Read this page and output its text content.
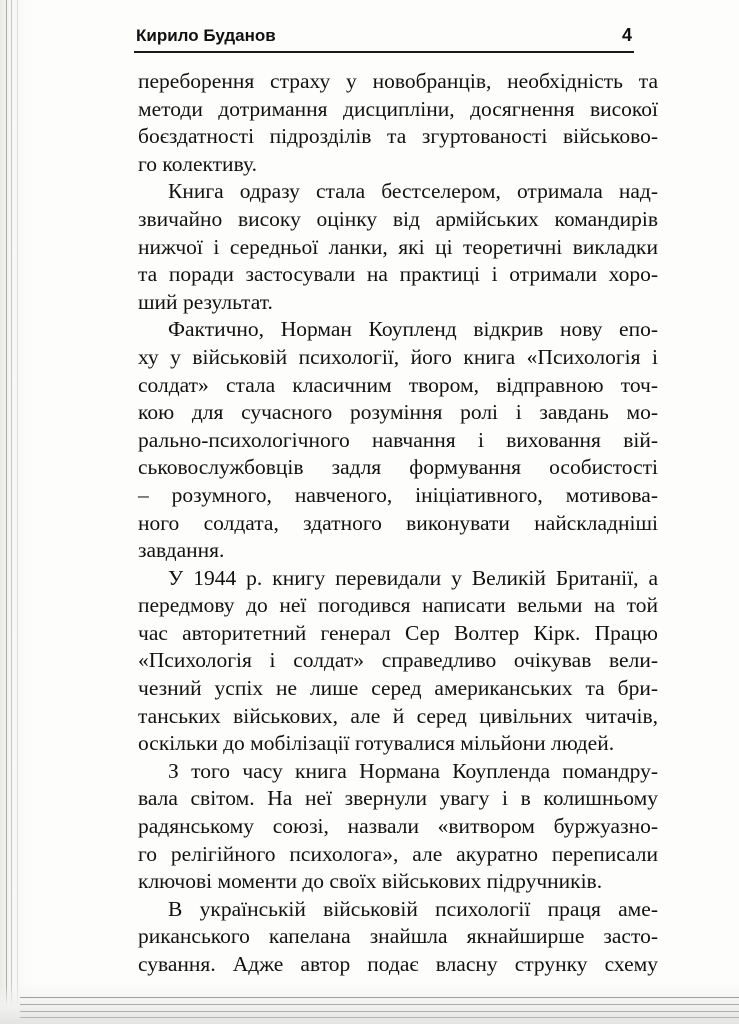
Кирило Буданов	4
переборення страху у новобранців, необхідність та
методи дотримання дисципліни, досягнення високої
боєздатності підрозділів та згуртованості військово-
го колективу.
Книга одразу стала бестселером, отримала над-
звичайно високу оцінку від армійських командирів
нижчої і середньої ланки, які ці теоретичні викладки
та поради застосували на практиці і отримали хоро-
ший результат.
Фактично, Норман Коупленд відкрив нову епо-
ху у військовій психології, його книга «Психологія і
солдат» стала класичним твором, відправною точ-
кою для сучасного розуміння ролі і завдань мо-
рально-психологічного навчання і виховання вій-
ськовослужбовців задля формування особистості
– розумного, навченого, ініціативного, мотивова-
ного солдата, здатного виконувати найскладніші
завдання.
У 1944 р. книгу перевидали у Великій Британії, а
передмову до неї погодився написати вельми на той
час авторитетний генерал Сер Волтер Кірк. Працю
«Психологія і солдат» справедливо очікував вели-
чезний успіх не лише серед американських та бри-
танських військових, але й серед цивільних читачів,
оскільки до мобілізації готувалися мільйони людей.
З того часу книга Нормана Коупленда помандру-
вала світом. На неї звернули увагу і в колишньому
радянському союзі, назвали «витвором буржуазно-
го релігійного психолога», але акуратно переписали
ключові моменти до своїх військових підручників.
В українській військовій психології праця аме-
риканського капелана знайшла якнайширше засто-
сування. Адже автор подає власну струнку схему
